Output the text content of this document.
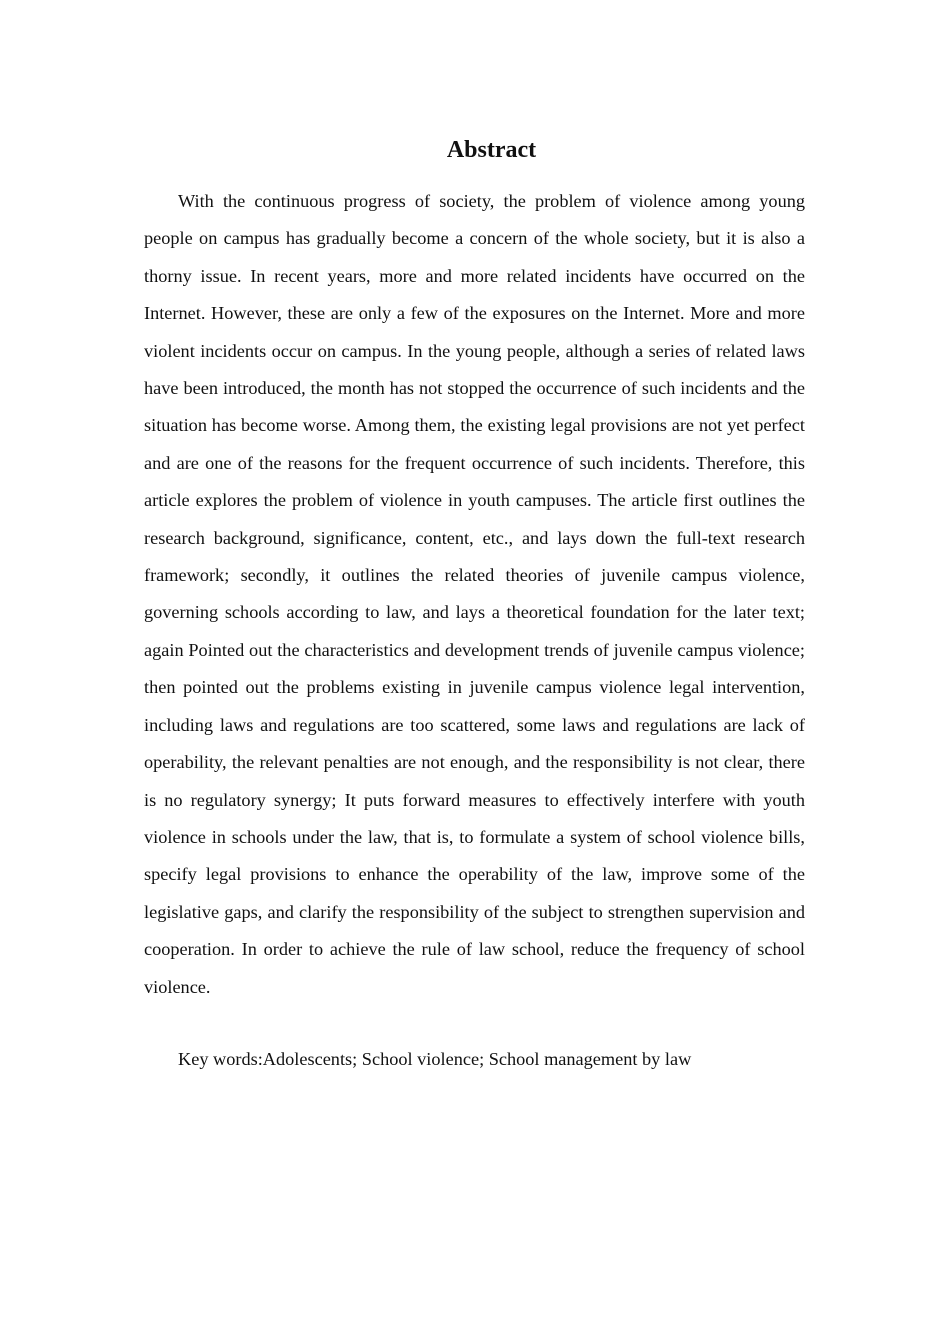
Abstract

With the continuous progress of society, the problem of violence among young people on campus has gradually become a concern of the whole society, but it is also a thorny issue. In recent years, more and more related incidents have occurred on the Internet. However, these are only a few of the exposures on the Internet. More and more violent incidents occur on campus. In the young people, although a series of related laws have been introduced, the month has not stopped the occurrence of such incidents and the situation has become worse. Among them, the existing legal provisions are not yet perfect and are one of the reasons for the frequent occurrence of such incidents. Therefore, this article explores the problem of violence in youth campuses. The article first outlines the research background, significance, content, etc., and lays down the full-text research framework; secondly, it outlines the related theories of juvenile campus violence, governing schools according to law, and lays a theoretical foundation for the later text; again Pointed out the characteristics and development trends of juvenile campus violence; then pointed out the problems existing in juvenile campus violence legal intervention, including laws and regulations are too scattered, some laws and regulations are lack of operability, the relevant penalties are not enough, and the responsibility is not clear, there is no regulatory synergy; It puts forward measures to effectively interfere with youth violence in schools under the law, that is, to formulate a system of school violence bills, specify legal provisions to enhance the operability of the law, improve some of the legislative gaps, and clarify the responsibility of the subject to strengthen supervision and cooperation. In order to achieve the rule of law school, reduce the frequency of school violence.

Key words:Adolescents; School violence; School management by law
